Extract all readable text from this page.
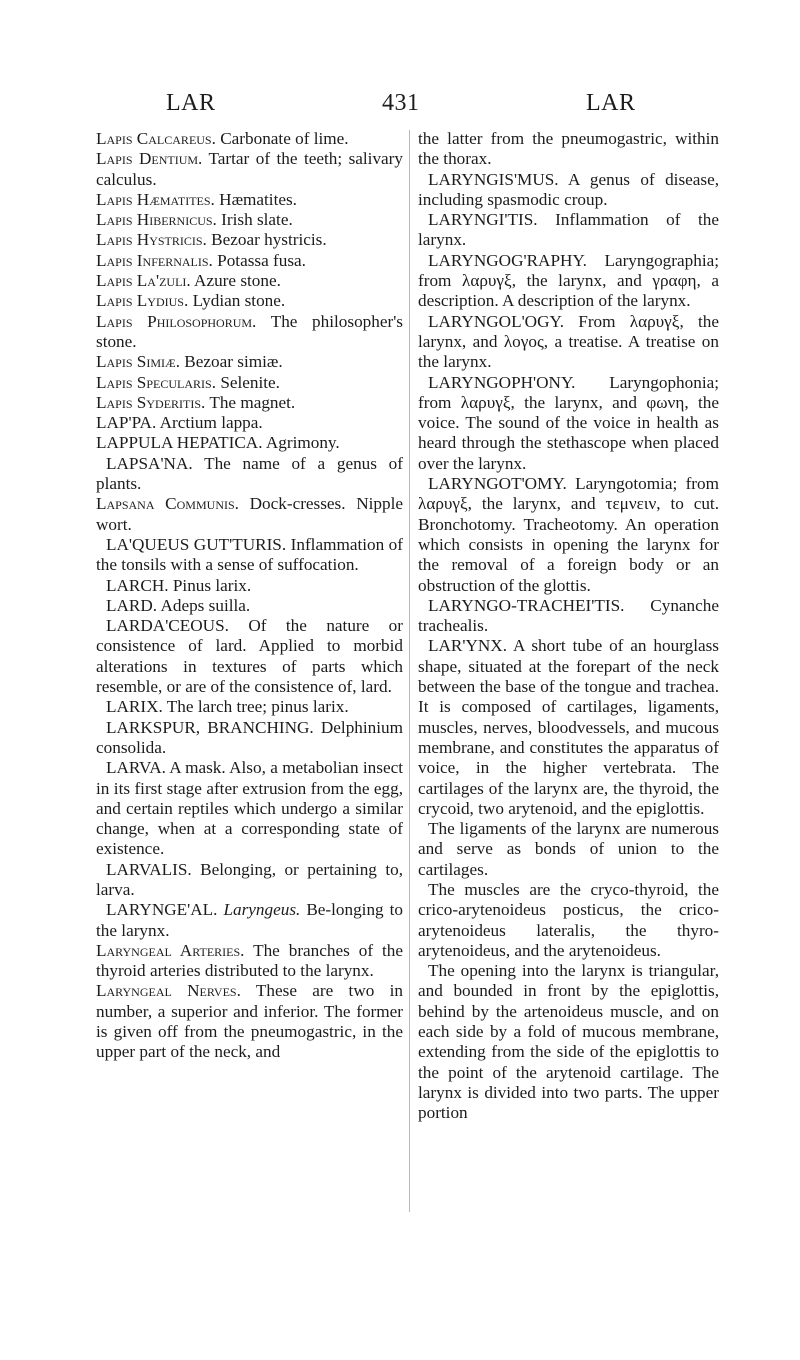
LAR	431	LAR

Lapis Calcareus. Carbonate of lime.

Lapis Dentium. Tartar of the teeth; salivary calculus.

Lapis Hæmatites. Hæmatites.

Lapis Hibernicus. Irish slate.

Lapis Hystricis. Bezoar hystricis.

Lapis Infernalis. Potassa fusa.

Lapis La'zuli. Azure stone.

Lapis Lydius. Lydian stone.

Lapis Philosophorum. The philosopher's stone.

Lapis Simiæ. Bezoar simiæ.

Lapis Specularis. Selenite.

Lapis Syderitis. The magnet.

LAP'PA. Arctium lappa.

LAPPULA HEPATICA. Agrimony.

LAPSA'NA. The name of a genus of plants.

Lapsana Communis. Dock-cresses. Nipple wort.

LA'QUEUS GUT'TURIS. Inflammation of the tonsils with a sense of suffocation.

LARCH. Pinus larix.

LARD. Adeps suilla.

LARDA'CEOUS. Of the nature or consistence of lard. Applied to morbid alterations in textures of parts which resemble, or are of the consistence of, lard.

LARIX. The larch tree; pinus larix.

LARKSPUR, BRANCHING. Delphinium consolida.

LARVA. A mask. Also, a metabolian insect in its first stage after extrusion from the egg, and certain reptiles which undergo a similar change, when at a corresponding state of existence.

LARVALIS. Belonging, or pertaining to, larva.

LARYNGE'AL. Laryngeus. Be-longing to the larynx.

Laryngeal Arteries. The branches of the thyroid arteries distributed to the larynx.

Laryngeal Nerves. These are two in number, a superior and inferior. The former is given off from the pneumogastric, in the upper part of the neck, and

the latter from the pneumogastric, within the thorax.

LARYNGIS'MUS. A genus of disease, including spasmodic croup.

LARYNGI'TIS. Inflammation of the larynx.

LARYNGOG'RAPHY. Laryngographia; from λαρυγξ, the larynx, and γραφη, a description. A description of the larynx.

LARYNGOL'OGY. From λαρυγξ, the larynx, and λογος, a treatise. A treatise on the larynx.

LARYNGOPH'ONY. Laryngophonia; from λαρυγξ, the larynx, and φωνη, the voice. The sound of the voice in health as heard through the stethascope when placed over the larynx.

LARYNGOT'OMY. Laryngotomia; from λαρυγξ, the larynx, and τεμνειν, to cut. Bronchotomy. Tracheotomy. An operation which consists in opening the larynx for the removal of a foreign body or an obstruction of the glottis.

LARYNGO-TRACHEI'TIS. Cynanche trachealis.

LAR'YNX. A short tube of an hourglass shape, situated at the forepart of the neck between the base of the tongue and trachea. It is composed of cartilages, ligaments, muscles, nerves, bloodvessels, and mucous membrane, and constitutes the apparatus of voice, in the higher vertebrata. The cartilages of the larynx are, the thyroid, the crycoid, two arytenoid, and the epiglottis.

The ligaments of the larynx are numerous and serve as bonds of union to the cartilages.

The muscles are the cryco-thyroid, the crico-arytenoideus posticus, the crico-arytenoideus lateralis, the thyro-arytenoideus, and the arytenoideus.

The opening into the larynx is triangular, and bounded in front by the epiglottis, behind by the artenoideus muscle, and on each side by a fold of mucous membrane, extending from the side of the epiglottis to the point of the arytenoid cartilage. The larynx is divided into two parts. The upper portion
